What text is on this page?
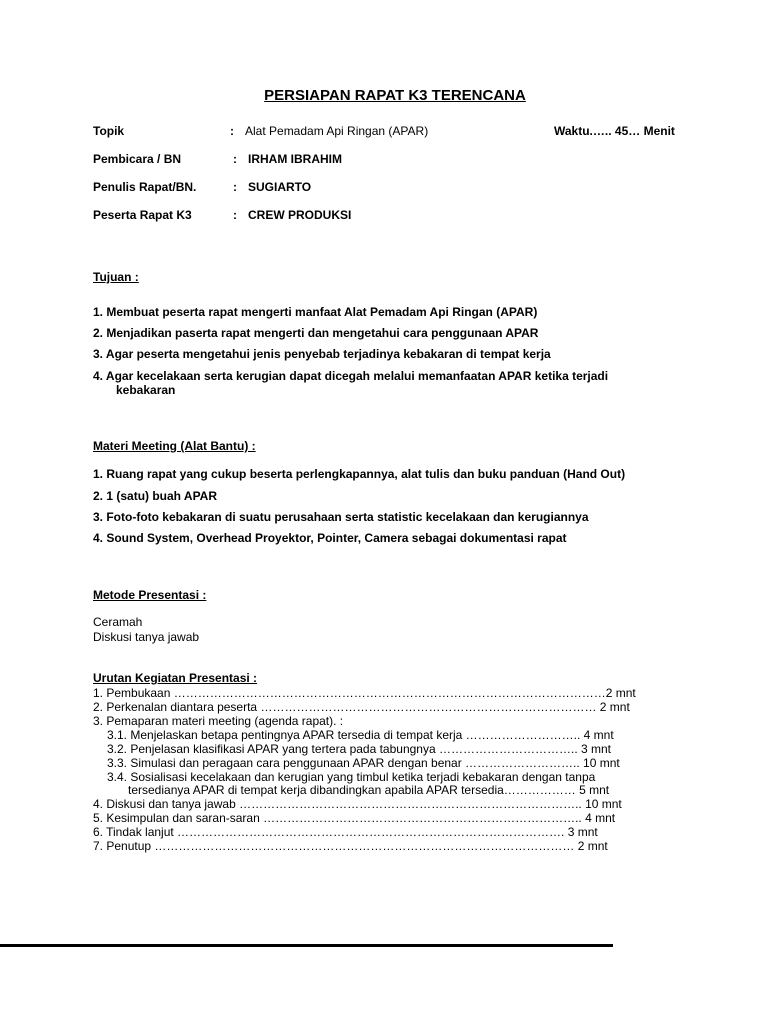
PERSIAPAN RAPAT K3 TERENCANA
Topik	: Alat Pemadam Api Ringan (APAR)	Waktu.….. 45… Menit
Pembicara / BN	: IRHAM IBRAHIM
Penulis Rapat/BN.	: SUGIARTO
Peserta Rapat K3	: CREW PRODUKSI
Tujuan :
1. Membuat peserta rapat mengerti manfaat Alat Pemadam Api Ringan (APAR)
2. Menjadikan paserta rapat mengerti dan mengetahui cara penggunaan APAR
3. Agar peserta mengetahui jenis penyebab terjadinya kebakaran di tempat kerja
4. Agar kecelakaan serta kerugian dapat dicegah melalui memanfaatan APAR ketika terjadi
kebakaran
Materi Meeting (Alat Bantu) :
1. Ruang rapat yang cukup beserta perlengkapannya, alat tulis dan buku panduan (Hand Out)
2. 1 (satu) buah APAR
3. Foto-foto kebakaran di suatu perusahaan serta statistic kecelakaan dan kerugiannya
4. Sound System, Overhead Proyektor, Pointer, Camera sebagai dokumentasi rapat
Metode Presentasi :
Ceramah
Diskusi tanya jawab
Urutan Kegiatan Presentasi :
1. Pembukaan ………………………………………………………………………………………………2 mnt
2. Perkenalan diantara peserta ………………………………………………………………………… 2 mnt
3. Pemaparan materi meeting (agenda rapat). :
3.1. Menjelaskan betapa pentingnya APAR tersedia di tempat kerja ……………………….. 4 mnt
3.2. Penjelasan klasifikasi APAR yang tertera pada tabungnya …………………………….. 3 mnt
3.3. Simulasi dan peragaan cara penggunaan APAR dengan benar ……………………….. 10 mnt
3.4. Sosialisasi kecelakaan dan kerugian yang timbul ketika terjadi kebakaran dengan tanpa
tersedianya APAR di tempat kerja dibandingkan apabila APAR tersedia……………… 5 mnt
4. Diskusi dan tanya jawab ………………………………………………………………………….. 10 mnt
5. Kesimpulan dan saran-saran …………………………………………………………………….. 4 mnt
6. Tindak lanjut ……………………………………………………………………………………. 3 mnt
7. Penutup …………………………………………………………………………………………… 2 mnt
